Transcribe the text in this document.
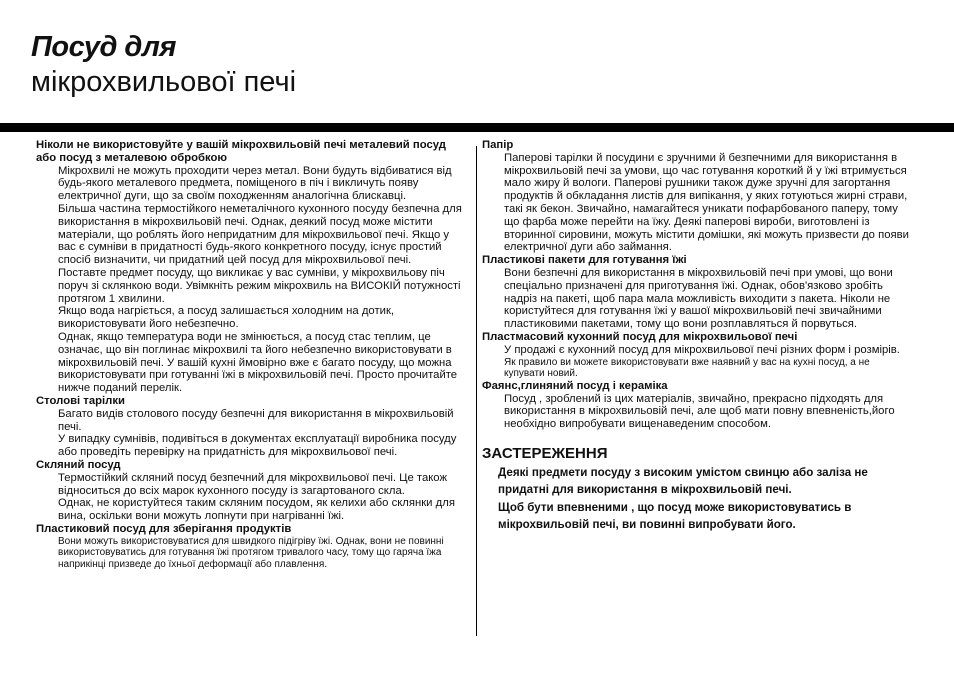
Посуд для
мікрохвильової печі

Ніколи не використовуйте у вашій мікрохвильовій печі металевий посуд або посуд з металевою обробкою

Мікрохвилі не можуть проходити через метал. Вони будуть відбиватися від будь-якого металевого предмета, поміщеного в піч і викличуть появу електричної дуги, що за своїм походженням аналогічна блискавці.

Більша частина термостійкого неметалічного кухонного посуду безпечна для використання в мікрохвильовій печі. Однак, деякий посуд може містити матеріали, що роблять його непридатним для мікрохвильової печі. Якщо у вас є сумніви в придатності будь-якого конкретного посуду, існує простий спосіб визначити, чи придатний цей посуд для мікрохвильової печі.

Поставте предмет посуду, що викликає у вас сумніви, у мікрохвильову піч поруч зі склянкою води. Увімкніть режим мікрохвиль на ВИСОКІЙ потужності протягом 1 хвилини.

Якщо вода нагріється, а посуд залишається холодним на дотик, використовувати його небезпечно.

Однак, якщо температура води не змінюється, а посуд стас теплим, це означає, що він поглинає мікрохвилі та його небезпечно використовувати в мікрохвильовій печі. У вашій кухні ймовірно вже є багато посуду, що можна використовувати при готуванні їжі в мікрохвильовій печі. Просто прочитайте нижче поданий перелік.

Столові тарілки

Багато видів столового посуду безпечні для використання в мікрохвильовій печі.

У випадку сумнівів, подивіться в документах експлуатації виробника посуду або проведіть перевірку на придатність для мікрохвильової печі.

Скляний посуд

Термостійкий скляний посуд безпечний для мікрохвильової печі. Це також відноситься до всіх марок кухонного посуду із загартованого скла.

Однак, не користуйтеся таким скляним посудом, як келихи або склянки для вина, оскільки вони можуть лопнути при нагріванні їжі.

Пластиковий посуд для зберігання продуктів

Вони можуть використовуватися для швидкого підігріву їжі. Однак, вони не повинні використовуватись для готування їжі протягом тривалого часу, тому що гаряча їжа наприкінці призведе до їхньої деформації або плавлення.

Папір

Паперові тарілки й посудини є зручними й безпечними для використання в мікрохвильовій печі за умови, що час готування короткий й у їжі втримується мало жиру й вологи. Паперові рушники також дуже зручні для загортання продуктів й обкладання листів для випікання, у яких готуються жирні страви, такі як бекон. Звичайно, намагайтеся уникати пофарбованого паперу, тому що фарба може перейти на їжу. Деякі паперові вироби, виготовлені із вторинної сировини, можуть містити домішки, які можуть призвести до появи електричної дуги або займання.

Пластикові пакети для готування їжі

Вони безпечні для використання в мікрохвильовій печі при умові, що вони спеціально призначені для приготування їжі. Однак, обов'язково зробіть надріз на пакеті, щоб пара мала можливість виходити з пакета. Ніколи не користуйтеся для готування їжі у вашої мікрохвильовій печі звичайними пластиковими пакетами, тому що вони розплавляться й порвуться.

Пластмасовий кухонний посуд для мікрохвильової печі

У продажі є кухонний посуд для мікрохвильової печі різних форм і розмірів.

Як правило ви можете використовувати вже наявний у вас на кухні посуд, а не купувати новий.

Фаянс,глиняний посуд і кераміка

Посуд , зроблений із цих матеріалів, звичайно, прекрасно підходять для використання в мікрохвильовій печі, але щоб мати повну впевненість,його необхідно випробувати вищенаведеним способом.

ЗАСТЕРЕЖЕННЯ

Деякі предмети посуду з високим умістом свинцю або заліза не придатні для використання в мікрохвильовій печі.

Щоб бути впевненими , що посуд може використовуватись в мікрохвильовій печі, ви повинні випробувати його.
